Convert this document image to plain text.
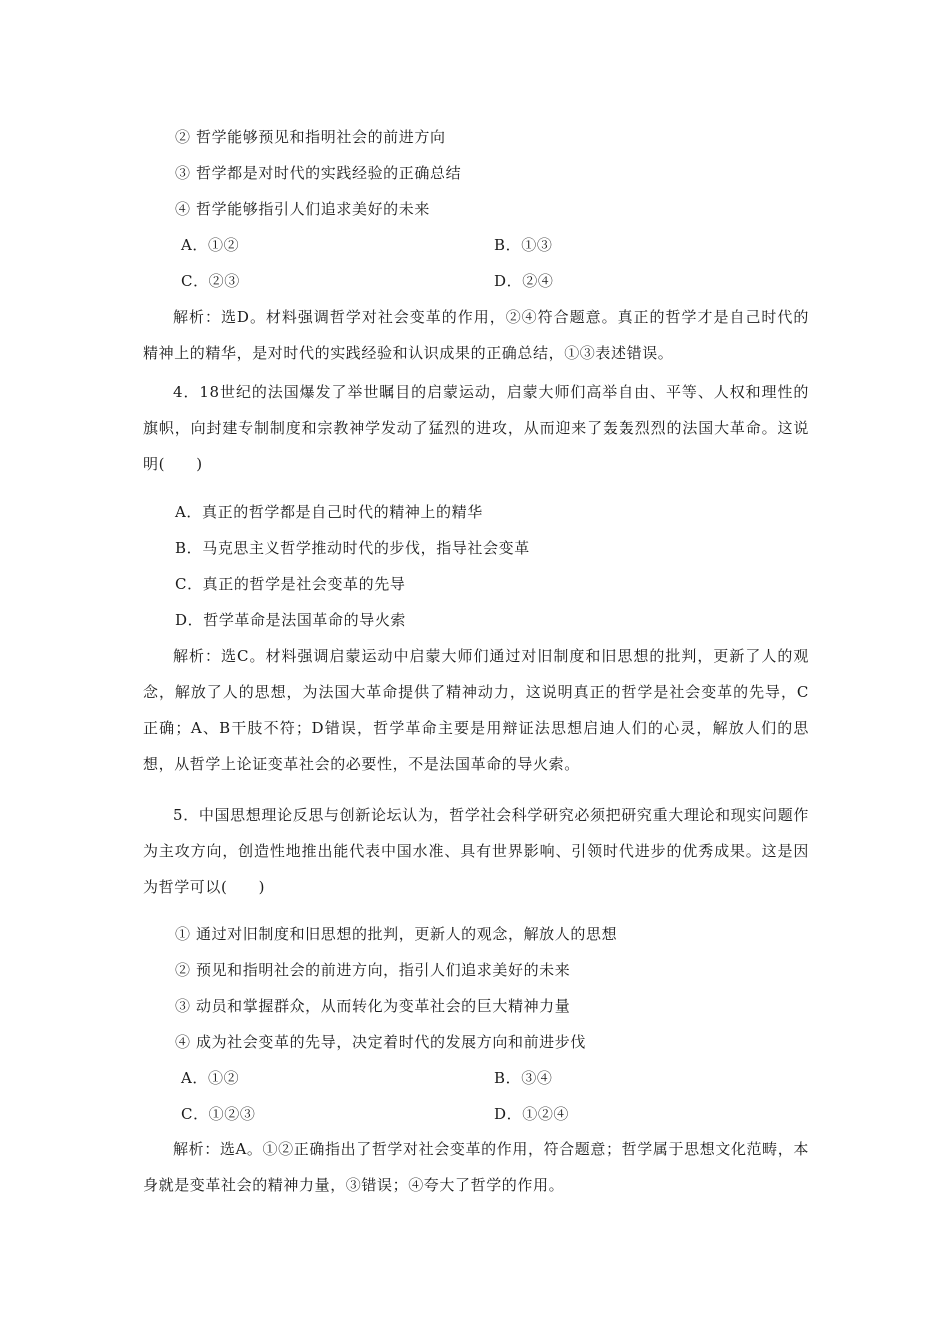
② 哲学能够预见和指明社会的前进方向
③ 哲学都是对时代的实践经验的正确总结
④ 哲学能够指引人们追求美好的未来
A．①②	B．①③
C．②③	D．②④
解析：选D。材料强调哲学对社会变革的作用，②④符合题意。真正的哲学才是自己时代的精神上的精华，是对时代的实践经验和认识成果的正确总结，①③表述错误。
4．18世纪的法国爆发了举世瞩目的启蒙运动，启蒙大师们高举自由、平等、人权和理性的旗帜，向封建专制制度和宗教神学发动了猛烈的进攻，从而迎来了轰轰烈烈的法国大革命。这说明(　　)
A．真正的哲学都是自己时代的精神上的精华
B．马克思主义哲学推动时代的步伐，指导社会变革
C．真正的哲学是社会变革的先导
D．哲学革命是法国革命的导火索
解析：选C。材料强调启蒙运动中启蒙大师们通过对旧制度和旧思想的批判，更新了人的观念，解放了人的思想，为法国大革命提供了精神动力，这说明真正的哲学是社会变革的先导，C正确；A、B干肢不符；D错误，哲学革命主要是用辩证法思想启迪人们的心灵，解放人们的思想，从哲学上论证变革社会的必要性，不是法国革命的导火索。
5．中国思想理论反思与创新论坛认为，哲学社会科学研究必须把研究重大理论和现实问题作为主攻方向，创造性地推出能代表中国水准、具有世界影响、引领时代进步的优秀成果。这是因为哲学可以(　　)
① 通过对旧制度和旧思想的批判，更新人的观念，解放人的思想
② 预见和指明社会的前进方向，指引人们追求美好的未来
③ 动员和掌握群众，从而转化为变革社会的巨大精神力量
④ 成为社会变革的先导，决定着时代的发展方向和前进步伐
A．①②	B．③④
C．①②③	D．①②④
解析：选A。①②正确指出了哲学对社会变革的作用，符合题意；哲学属于思想文化范畴，本身就是变革社会的精神力量，③错误；④夸大了哲学的作用。
